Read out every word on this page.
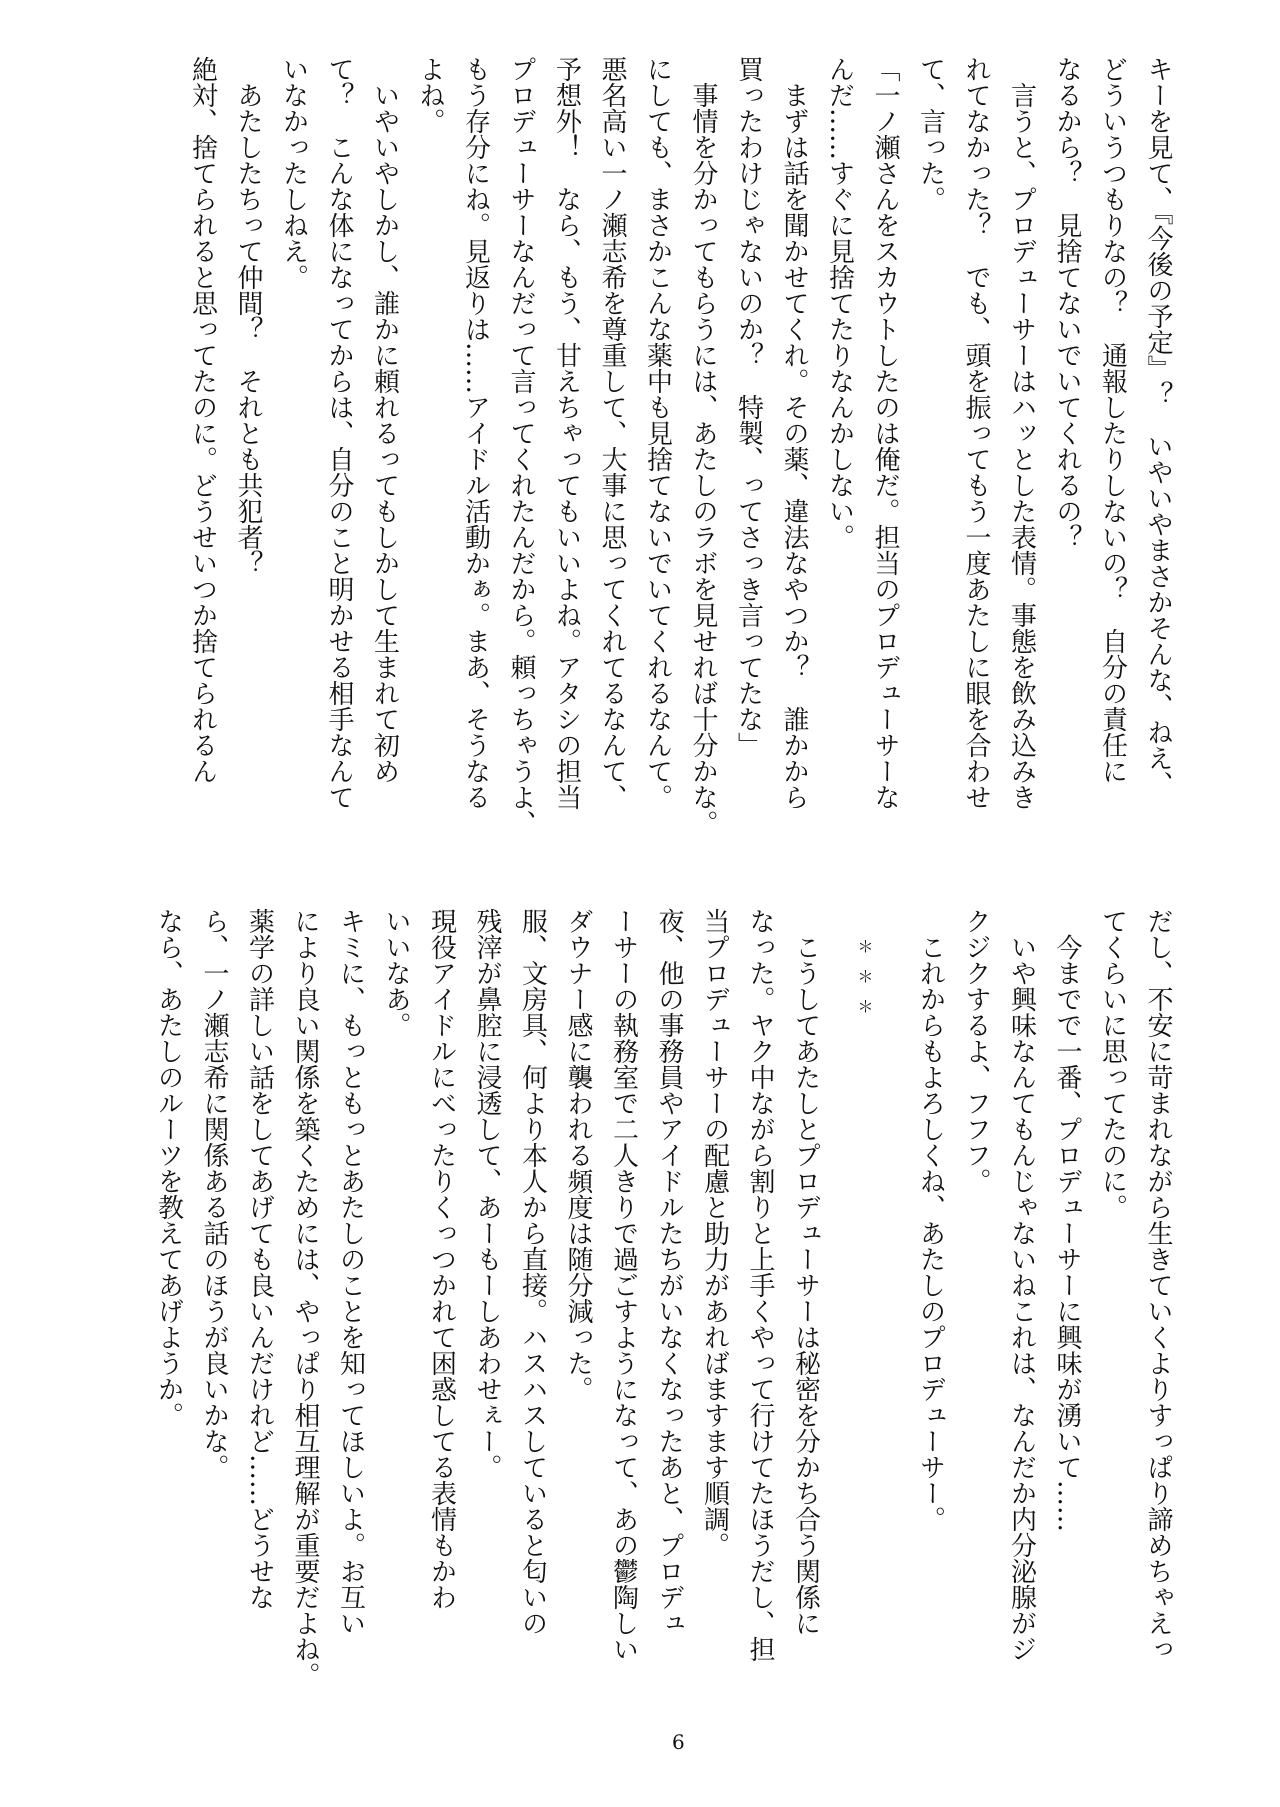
キーを見て、『今後の予定』？　いやいやまさかそんな、ねえ、

どういうつもりなの？　通報したりしないの？　自分の責任に

なるから？　見捨てないでいてくれるの？

　言うと、プロデューサーはハッとした表情。事態を飲み込みき

れてなかった？　でも、頭を振ってもう一度あたしに眼を合わせ

て、言った。

「一ノ瀬さんをスカウトしたのは俺だ。担当のプロデューサーな

んだ……すぐに見捨てたりなんかしない。

　まずは話を聞かせてくれ。その薬、違法なやつか？　誰かから

買ったわけじゃないのか？　特製、ってさっき言ってたな」

　事情を分かってもらうには、あたしのラボを見せれば十分かな。

にしても、まさかこんな薬中も見捨てないでいてくれるなんて。

悪名高い一ノ瀬志希を尊重して、大事に思ってくれてるなんて、

予想外！　なら、もう、甘えちゃってもいいよね。アタシの担当

プロデューサーなんだって言ってくれたんだから。頼っちゃうよ、

もう存分にね。見返りは……アイドル活動かぁ。まあ、そうなる

よね。

　いやいやしかし、誰かに頼れるってもしかして生まれて初め

て？　こんな体になってからは、自分のこと明かせる相手なんて

いなかったしねえ。

　あたしたちって仲間？　それとも共犯者？

絶対、捨てられると思ってたのに。どうせいつか捨てられるん

だし、不安に苛まれながら生きていくよりすっぱり諦めちゃえっ

てくらいに思ってたのに。

　今までで一番、プロデューサーに興味が湧いて……

　いや興味なんてもんじゃないねこれは、なんだか内分泌腺がジ

クジクするよ、フフフ。

　これからもよろしくね、あたしのプロデューサー。

＊＊＊

　こうしてあたしとプロデューサーは秘密を分かち合う関係に

なった。ヤク中ながら割りと上手くやって行けてたほうだし、担

当プロデューサーの配慮と助力があればますます順調。

夜、他の事務員やアイドルたちがいなくなったあと、プロデュ

ーサーの執務室で二人きりで過ごすようになって、あの鬱陶しい

ダウナー感に襲われる頻度は随分減った。

服、文房具、何より本人から直接。ハスハスしていると匂いの

残滓が鼻腔に浸透して、あーもーしあわせぇー。

現役アイドルにべったりくっつかれて困惑してる表情もかわ

いいなあ。

キミに、もっともっとあたしのことを知ってほしいよ。お互い

により良い関係を築くためには、やっぱり相互理解が重要だよね。

薬学の詳しい話をしてあげても良いんだけれど……どうせな

ら、一ノ瀬志希に関係ある話のほうが良いかな。

なら、あたしのルーツを教えてあげようか。

6
